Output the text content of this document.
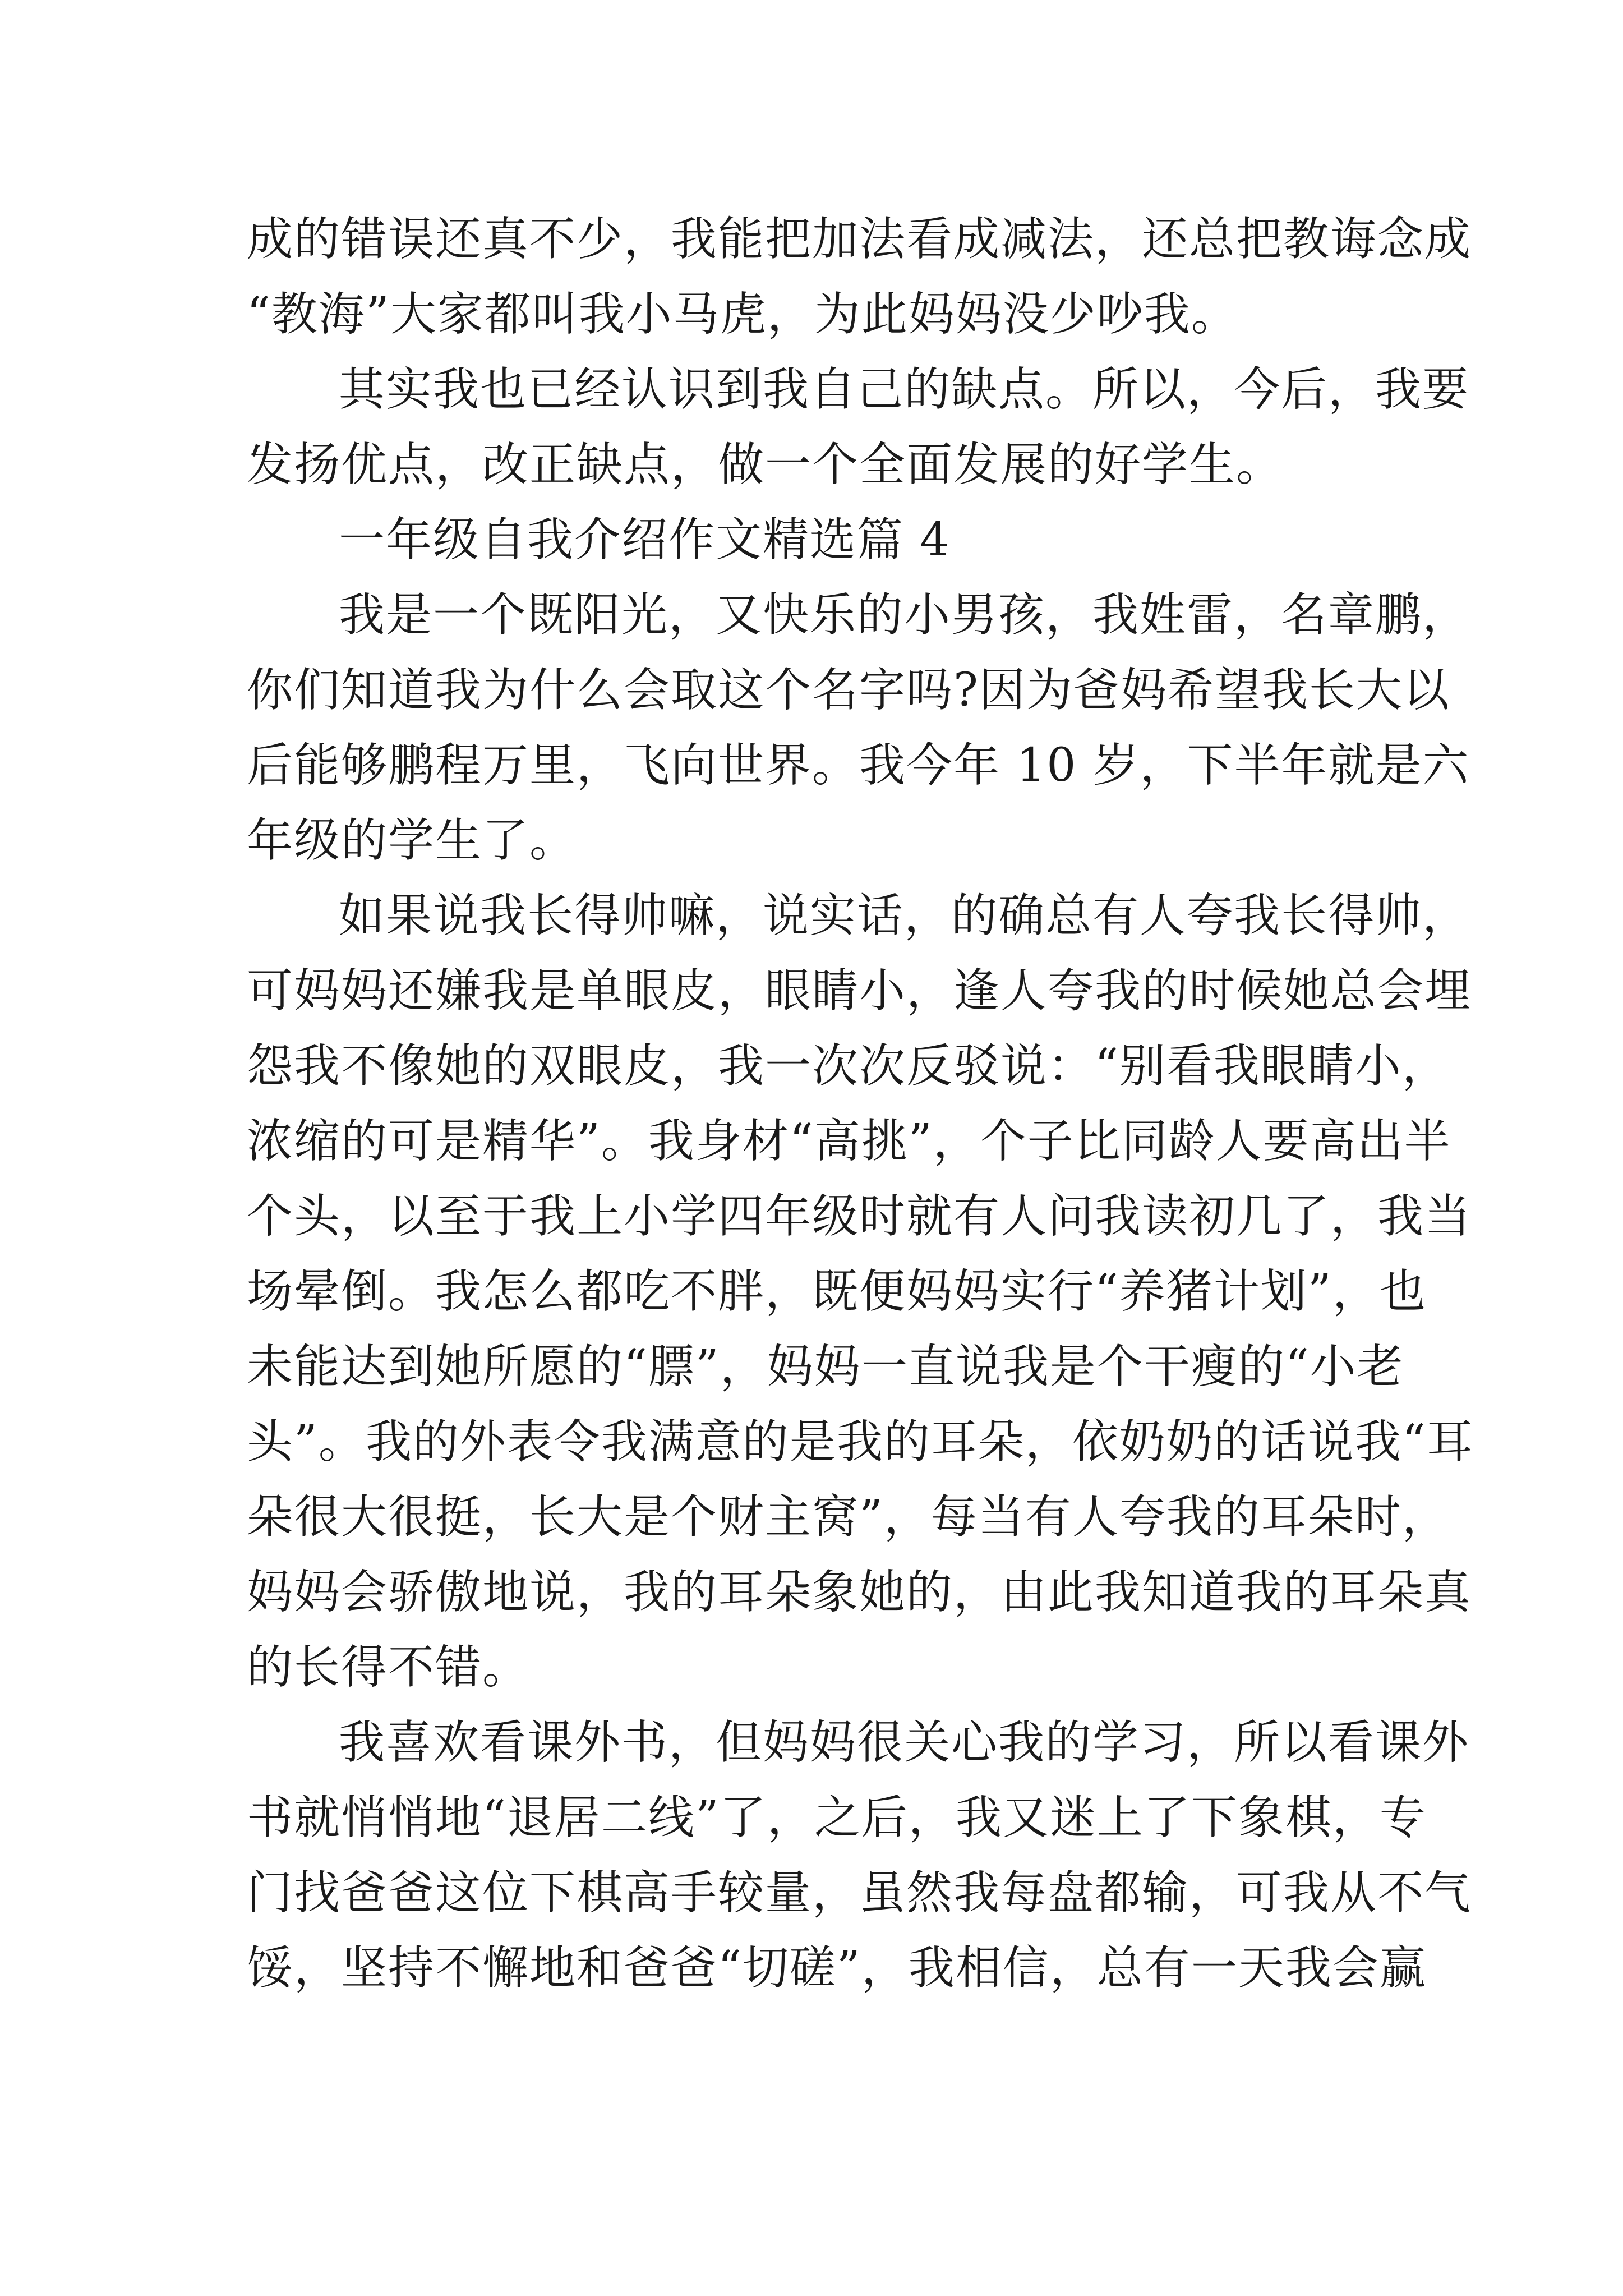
成的错误还真不少，我能把加法看成减法，还总把教诲念成
“教海”大家都叫我小马虎，为此妈妈没少吵我。
其实我也已经认识到我自己的缺点。所以，今后，我要
发扬优点，改正缺点，做一个全面发展的好学生。
一年级自我介绍作文精选篇 4
我是一个既阳光，又快乐的小男孩，我姓雷，名章鹏，
你们知道我为什么会取这个名字吗?因为爸妈希望我长大以
后能够鹏程万里，飞向世界。我今年 10 岁，下半年就是六
年级的学生了。
如果说我长得帅嘛，说实话，的确总有人夸我长得帅，
可妈妈还嫌我是单眼皮，眼睛小，逢人夸我的时候她总会埋
怨我不像她的双眼皮，我一次次反驳说：“别看我眼睛小，
浓缩的可是精华”。我身材“高挑”，个子比同龄人要高出半
个头，以至于我上小学四年级时就有人问我读初几了，我当
场晕倒。我怎么都吃不胖，既便妈妈实行“养猪计划”，也
未能达到她所愿的“膘”，妈妈一直说我是个干瘦的“小老
头”。我的外表令我满意的是我的耳朵，依奶奶的话说我“耳
朵很大很挺，长大是个财主窝”，每当有人夸我的耳朵时，
妈妈会骄傲地说，我的耳朵象她的，由此我知道我的耳朵真
的长得不错。
我喜欢看课外书，但妈妈很关心我的学习，所以看课外
书就悄悄地“退居二线”了，之后，我又迷上了下象棋，专
门找爸爸这位下棋高手较量，虽然我每盘都输，可我从不气
馁，坚持不懈地和爸爸“切磋”，我相信，总有一天我会赢
